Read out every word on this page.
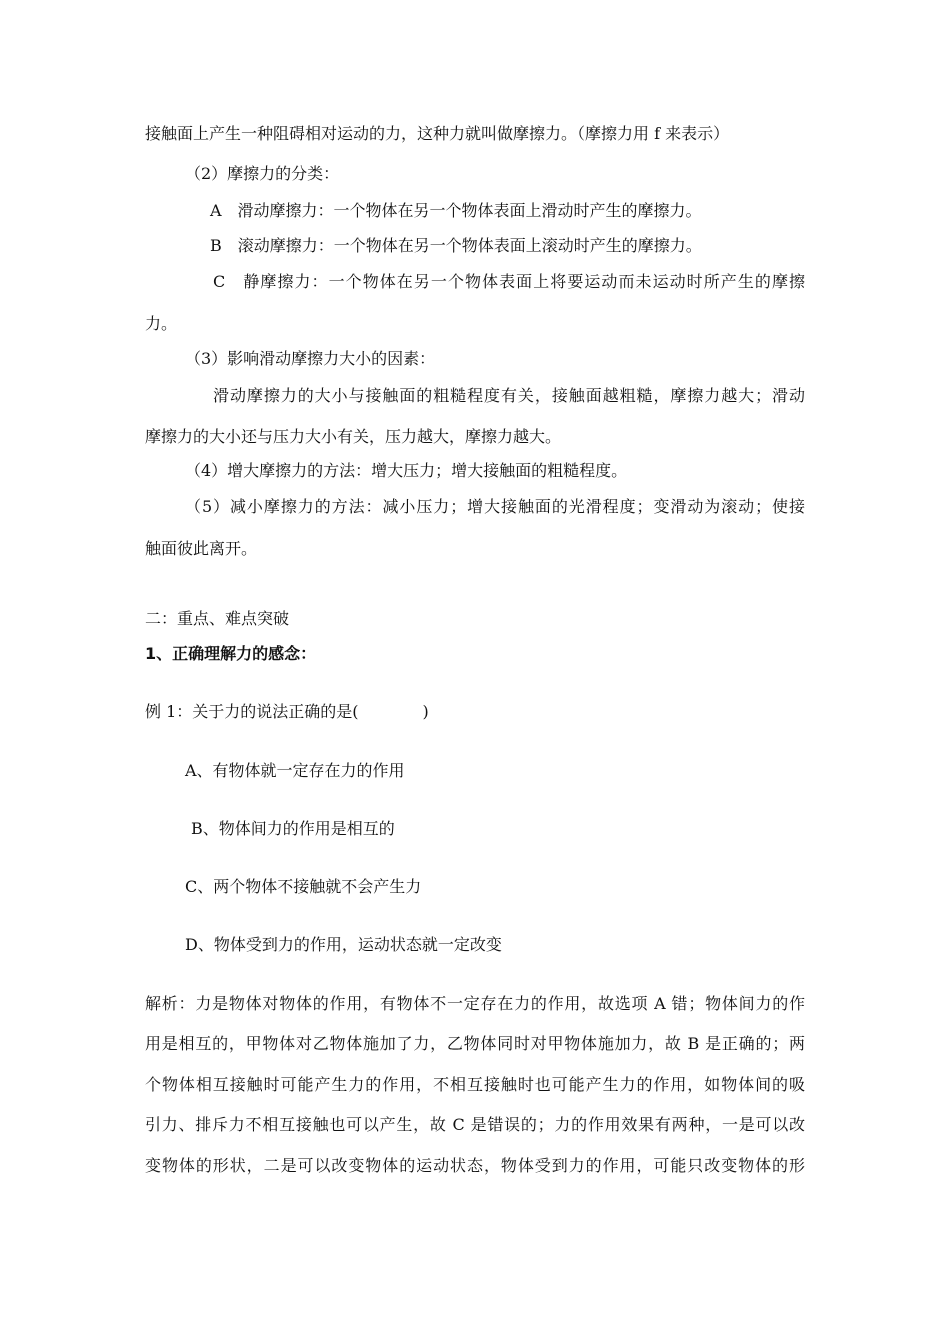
接触面上产生一种阻碍相对运动的力，这种力就叫做摩擦力。（摩擦力用 f 来表示）
（2）摩擦力的分类：
A　滑动摩擦力：一个物体在另一个物体表面上滑动时产生的摩擦力。
B　滚动摩擦力：一个物体在另一个物体表面上滚动时产生的摩擦力。
C　静摩擦力：一个物体在另一个物体表面上将要运动而未运动时所产生的摩擦
力。
（3）影响滑动摩擦力大小的因素：
滑动摩擦力的大小与接触面的粗糙程度有关，接触面越粗糙，摩擦力越大；滑动
摩擦力的大小还与压力大小有关，压力越大，摩擦力越大。
（4）增大摩擦力的方法：增大压力；增大接触面的粗糙程度。
（5）减小摩擦力的方法：减小压力；增大接触面的光滑程度；变滑动为滚动；使接
触面彼此离开。
二：重点、难点突破
1、正确理解力的感念：
例 1：关于力的说法正确的是(　　　　)
A、有物体就一定存在力的作用
B、物体间力的作用是相互的
C、两个物体不接触就不会产生力
D、物体受到力的作用，运动状态就一定改变
解析：力是物体对物体的作用，有物体不一定存在力的作用，故选项 A 错；物体间力的作
用是相互的，甲物体对乙物体施加了力，乙物体同时对甲物体施加力，故 B 是正确的；两
个物体相互接触时可能产生力的作用，不相互接触时也可能产生力的作用，如物体间的吸
引力、排斥力不相互接触也可以产生，故 C 是错误的；力的作用效果有两种，一是可以改
变物体的形状，二是可以改变物体的运动状态，物体受到力的作用，可能只改变物体的形
